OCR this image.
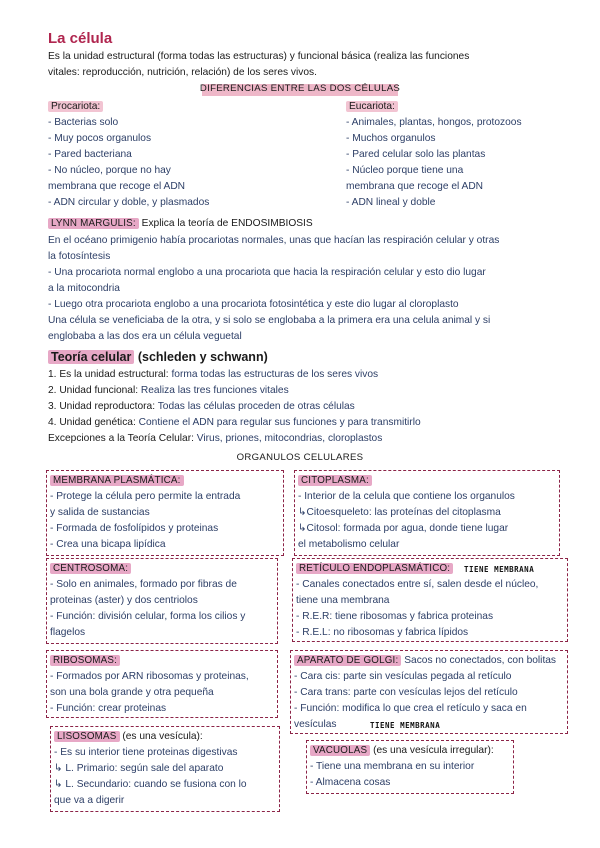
La célula
Es la unidad estructural (forma todas las estructuras) y funcional básica (realiza las funciones
vitales: reproducción, nutrición, relación) de los seres vivos.
DIFERENCIAS ENTRE LAS DOS CÉLULAS
Procariota:
- Bacterias solo
- Muy pocos organulos
- Pared bacteriana
- No núcleo, porque no hay
membrana que recoge el ADN
- ADN circular y doble, y plasmados
Eucariota:
- Animales, plantas, hongos, protozoos
- Muchos organulos
- Pared celular solo las plantas
- Núcleo porque tiene una
membrana que recoge el ADN
- ADN lineal y doble
LYNN MARGULIS: Explica la teoría de ENDOSIMBIOSIS
En el océano primigenio había procariotas normales, unas que hacían las respiración celular y otras
la fotosíntesis
- Una procariota normal englobo a una procariota que hacia la respiración celular y esto dio lugar
a la mitocondria
- Luego otra procariota englobo a una procariota fotosintética y este dio lugar al cloroplasto
Una célula se veneficiaba de la otra, y si solo se englobaba a la primera era una celula animal y si
englobaba a las dos era un célula veguetal
Teoría celular (schleden y schwann)
1. Es la unidad estructural: forma todas las estructuras de los seres vivos
2. Unidad funcional: Realiza las tres funciones vitales
3. Unidad reproductora: Todas las células proceden de otras células
4. Unidad genética: Contiene el ADN para regular sus funciones y para transmitirlo
Excepciones a la Teoría Celular: Virus, priones, mitocondrias, cloroplastos
ORGANULOS CELULARES
MEMBRANA PLASMÁTICA:
- Protege la célula pero permite la entrada
y salida de sustancias
- Formada de fosfolípidos y proteinas
- Crea una bicapa lipídica
CITOPLASMA:
- Interior de la celula que contiene los organulos
↳Citoesqueleto: las proteínas del citoplasma
↳Citosol: formada por agua, donde tiene lugar
el metabolismo celular
CENTROSOMA:
- Solo en animales, formado por fibras de
proteinas (aster) y dos centriolos
- Función: división celular, forma los cilios y
flagelos
RETÍCULO ENDOPLASMÁTICO:	TIENE MEMBRANA
- Canales conectados entre sí, salen desde el núcleo,
tiene una membrana
- R.E.R: tiene ribosomas y fabrica proteinas
- R.E.L: no ribosomas y fabrica lípidos
RIBOSOMAS:
- Formados por ARN ribosomas y proteinas,
son una bola grande y otra pequeña
- Función: crear proteinas
APARATO DE GOLGI: Sacos no conectados, con bolitas
- Cara cis: parte sin vesículas pegada al retículo
- Cara trans: parte con vesículas lejos del retículo
- Función: modifica lo que crea el retículo y saca en
vesículas	TIENE MEMBRANA
LISOSOMAS (es una vesícula):
- Es su interior tiene proteinas digestivas
↳ L. Primario: según sale del aparato
↳ L. Secundario: cuando se fusiona con lo
que va a digerir
VACUOLAS (es una vesícula irregular):
- Tiene una membrana en su interior
- Almacena cosas
